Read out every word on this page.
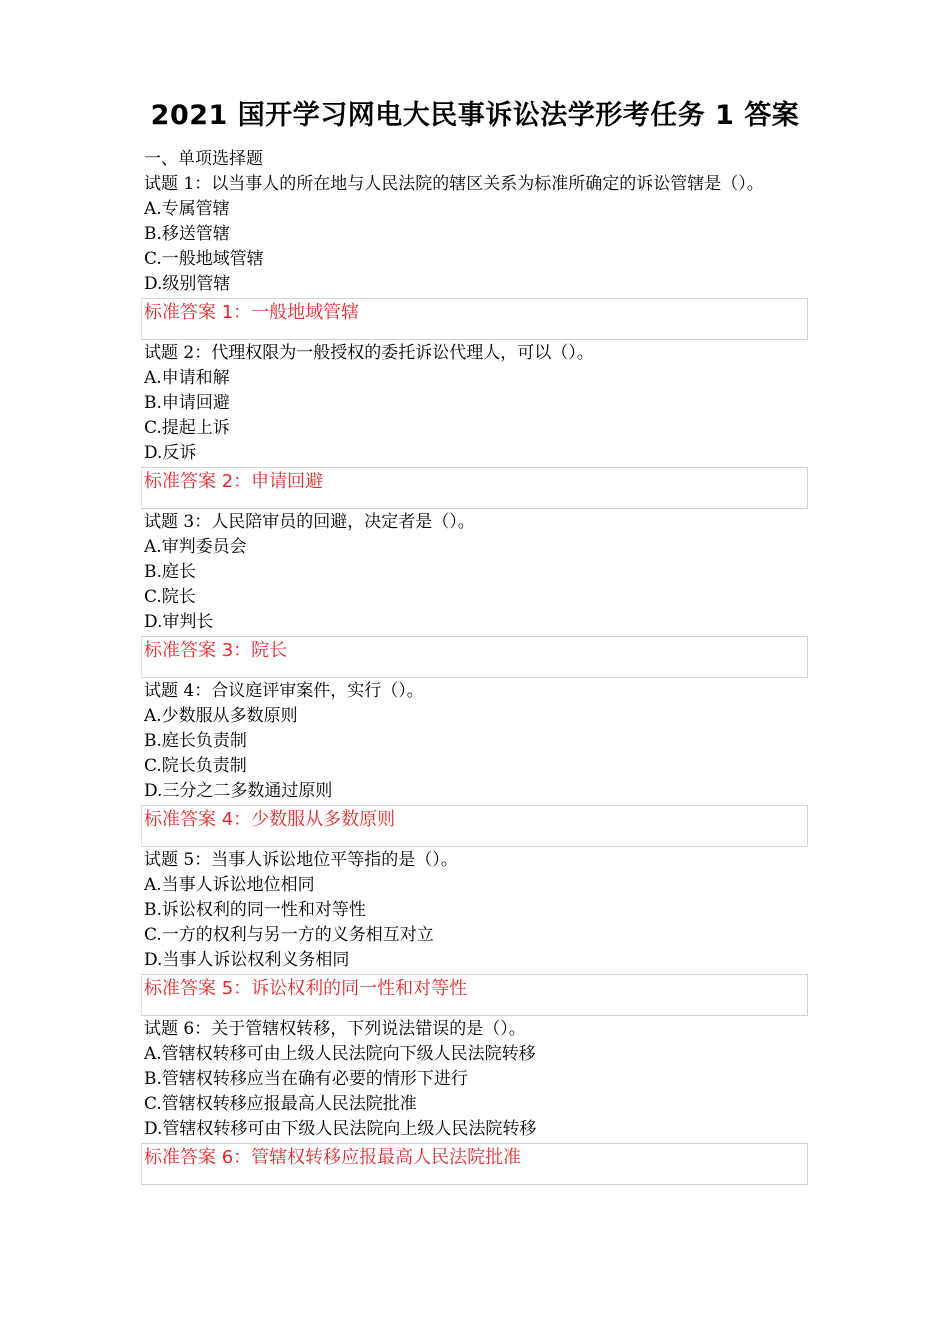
2021 国开学习网电大民事诉讼法学形考任务 1 答案
一、单项选择题
试题 1：以当事人的所在地与人民法院的辖区关系为标准所确定的诉讼管辖是（）。
A.专属管辖
B.移送管辖
C.一般地域管辖
D.级别管辖
标准答案 1：一般地域管辖
试题 2：代理权限为一般授权的委托诉讼代理人，可以（）。
A.申请和解
B.申请回避
C.提起上诉
D.反诉
标准答案 2：申请回避
试题 3：人民陪审员的回避，决定者是（）。
A.审判委员会
B.庭长
C.院长
D.审判长
标准答案 3：院长
试题 4：合议庭评审案件，实行（）。
A.少数服从多数原则
B.庭长负责制
C.院长负责制
D.三分之二多数通过原则
标准答案 4：少数服从多数原则
试题 5：当事人诉讼地位平等指的是（）。
A.当事人诉讼地位相同
B.诉讼权利的同一性和对等性
C.一方的权利与另一方的义务相互对立
D.当事人诉讼权利义务相同
标准答案 5：诉讼权利的同一性和对等性
试题 6：关于管辖权转移，下列说法错误的是（）。
A.管辖权转移可由上级人民法院向下级人民法院转移
B.管辖权转移应当在确有必要的情形下进行
C.管辖权转移应报最高人民法院批准
D.管辖权转移可由下级人民法院向上级人民法院转移
标准答案 6：管辖权转移应报最高人民法院批准
